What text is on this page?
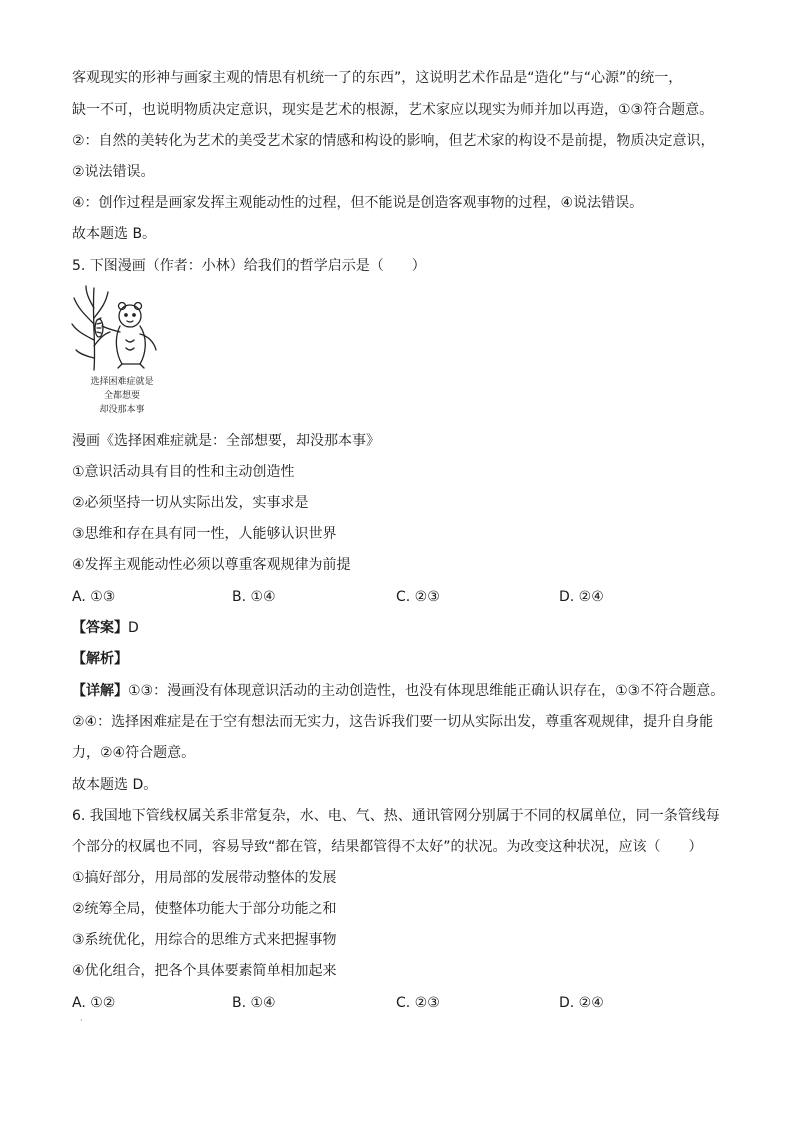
客观现实的形神与画家主观的情思有机统一了的东西”，这说明艺术作品是“造化”与“心源”的统一，
缺一不可，也说明物质决定意识，现实是艺术的根源，艺术家应以现实为师并加以再造，①③符合题意。
②：自然的美转化为艺术的美受艺术家的情感和构设的影响，但艺术家的构设不是前提，物质决定意识，
②说法错误。
④：创作过程是画家发挥主观能动性的过程，但不能说是创造客观事物的过程，④说法错误。
故本题选 B。
5. 下图漫画（作者：小林）给我们的哲学启示是（　　）
选择困难症就是
全都想要
却没那本事
漫画《选择困难症就是：全部想要，却没那本事》
①意识活动具有目的性和主动创造性
②必须坚持一切从实际出发，实事求是
③思维和存在具有同一性，人能够认识世界
④发挥主观能动性必须以尊重客观规律为前提
A. ①③	B. ①④	C. ②③	D. ②④
【答案】D
【解析】
【详解】①③：漫画没有体现意识活动的主动创造性，也没有体现思维能正确认识存在，①③不符合题意。
②④：选择困难症是在于空有想法而无实力，这告诉我们要一切从实际出发，尊重客观规律，提升自身能
力，②④符合题意。
故本题选 D。
6. 我国地下管线权属关系非常复杂，水、电、气、热、通讯管网分别属于不同的权属单位，同一条管线每
个部分的权属也不同，容易导致“都在管，结果都管得不太好”的状况。为改变这种状况，应该（　　）
①搞好部分，用局部的发展带动整体的发展
②统筹全局，使整体功能大于部分功能之和
③系统优化，用综合的思维方式来把握事物
④优化组合，把各个具体要素简单相加起来
A. ①②	B. ①④	C. ②③	D. ②④
·
